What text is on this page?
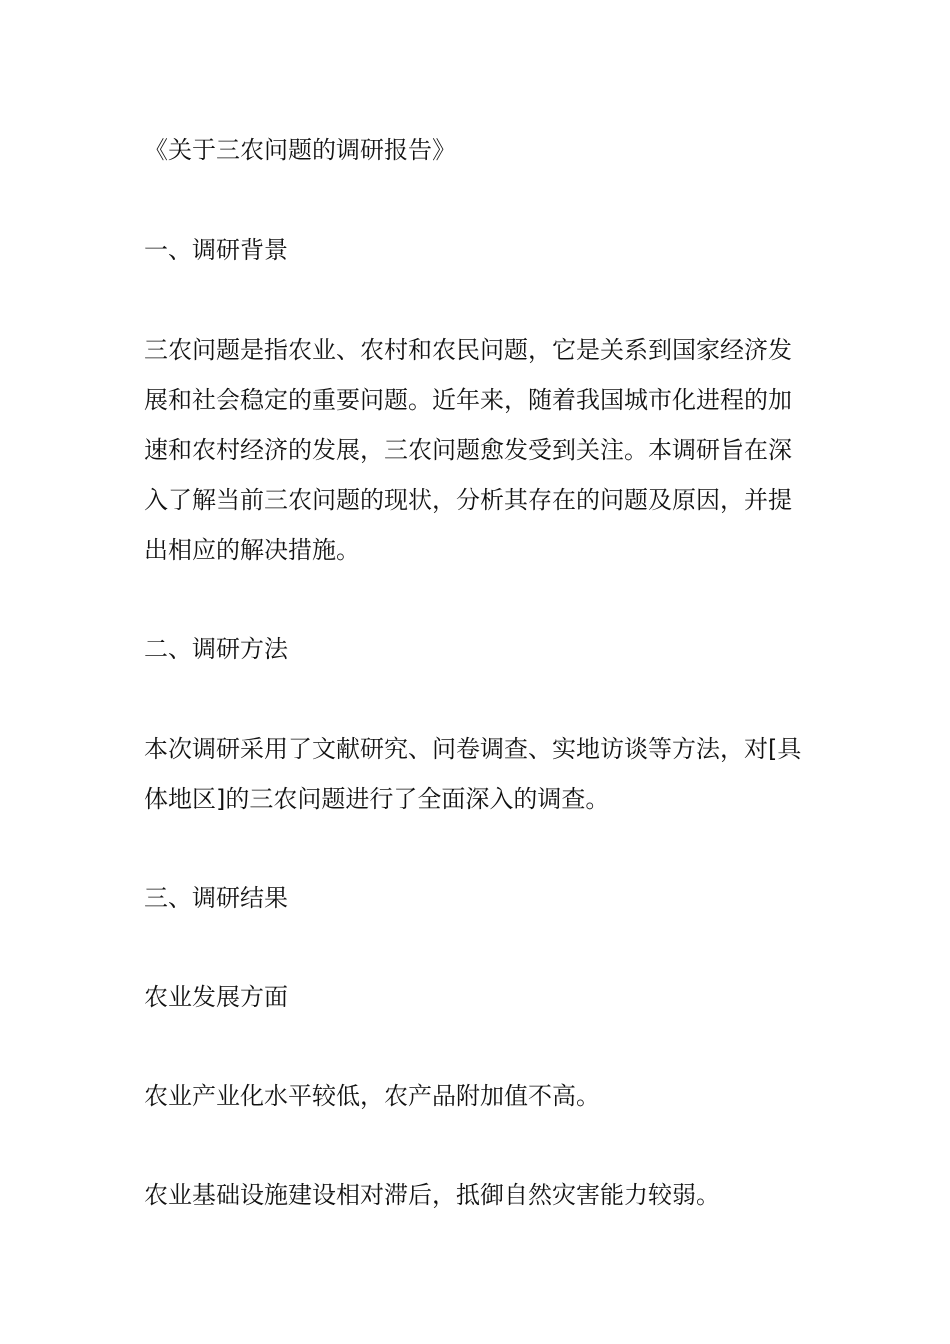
《关于三农问题的调研报告》

一、调研背景

三农问题是指农业、农村和农民问题，它是关系到国家经济发展和社会稳定的重要问题。近年来，随着我国城市化进程的加速和农村经济的发展，三农问题愈发受到关注。本调研旨在深入了解当前三农问题的现状，分析其存在的问题及原因，并提出相应的解决措施。

二、调研方法

本次调研采用了文献研究、问卷调查、实地访谈等方法，对[具体地区]的三农问题进行了全面深入的调查。

三、调研结果

农业发展方面

农业产业化水平较低，农产品附加值不高。

农业基础设施建设相对滞后，抵御自然灾害能力较弱。
